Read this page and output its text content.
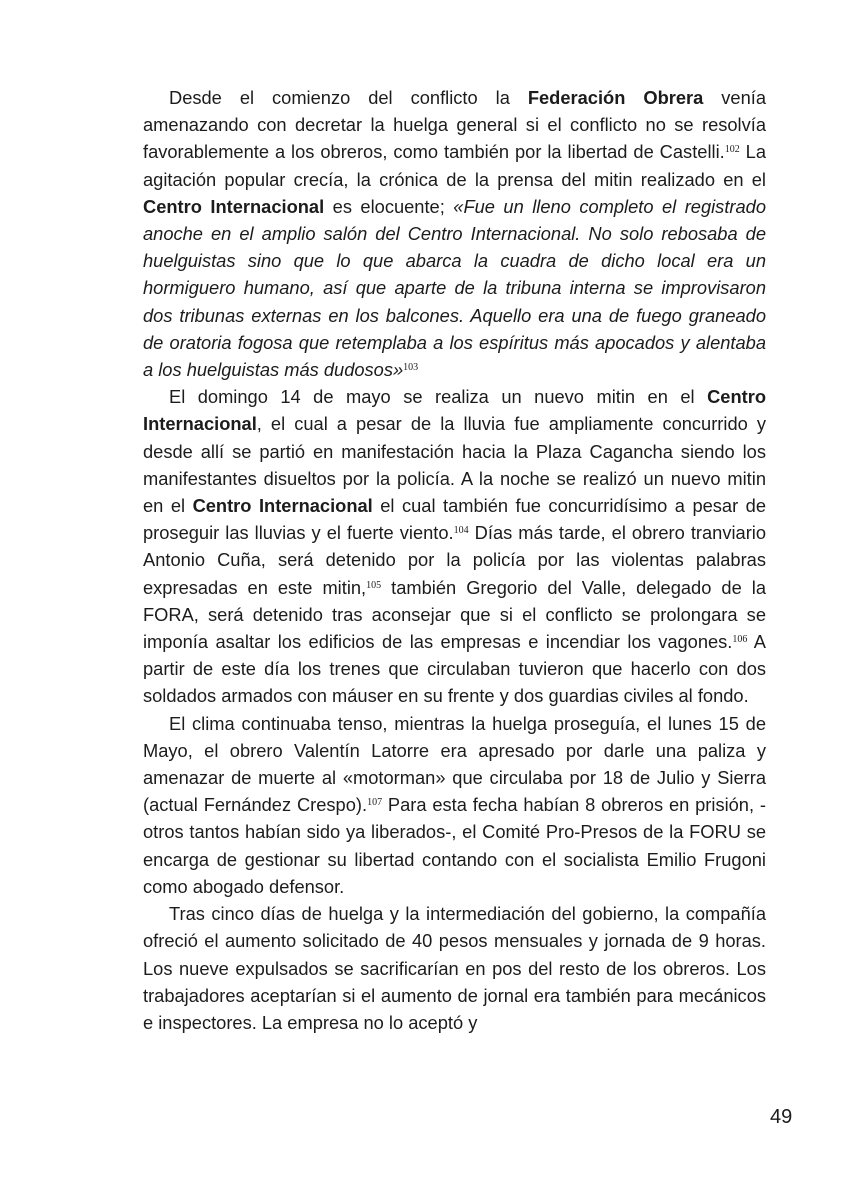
Desde el comienzo del conflicto la Federación Obrera venía amenazando con decretar la huelga general si el conflicto no se resolvía favorablemente a los obreros, como también por la libertad de Castelli.$^{102}$ La agitación popular crecía, la crónica de la prensa del mitin realizado en el Centro Internacional es elocuente; «Fue un lleno completo el registrado anoche en el amplio salón del Centro Internacional. No solo rebosaba de huelguistas sino que lo que abarca la cuadra de dicho local era un hormiguero humano, así que aparte de la tribuna interna se improvisaron dos tribunas externas en los balcones. Aquello era una de fuego graneado de oratoria fogosa que retemplaba a los espíritus más apocados y alentaba a los huelguistas más dudosos»$^{103}$

El domingo 14 de mayo se realiza un nuevo mitin en el Centro Internacional, el cual a pesar de la lluvia fue ampliamente concurrido y desde allí se partió en manifestación hacia la Plaza Cagancha siendo los manifestantes disueltos por la policía. A la noche se realizó un nuevo mitin en el Centro Internacional el cual también fue concurridísimo a pesar de proseguir las lluvias y el fuerte viento.$^{104}$ Días más tarde, el obrero tranviario Antonio Cuña, será detenido por la policía por las violentas palabras expresadas en este mitin,$^{105}$ también Gregorio del Valle, delegado de la FORA, será detenido tras aconsejar que si el conflicto se prolongara se imponía asaltar los edificios de las empresas e incendiar los vagones.$^{106}$ A partir de este día los trenes que circulaban tuvieron que hacerlo con dos soldados armados con máuser en su frente y dos guardias civiles al fondo.

El clima continuaba tenso, mientras la huelga proseguía, el lunes 15 de Mayo, el obrero Valentín Latorre era apresado por darle una paliza y amenazar de muerte al «motorman» que circulaba por 18 de Julio y Sierra (actual Fernández Crespo).$^{107}$ Para esta fecha habían 8 obreros en prisión, -otros tantos habían sido ya liberados-, el Comité Pro-Presos de la FORU se encarga de gestionar su libertad contando con el socialista Emilio Frugoni como abogado defensor.

Tras cinco días de huelga y la intermediación del gobierno, la compañía ofreció el aumento solicitado de 40 pesos mensuales y jornada de 9 horas. Los nueve expulsados se sacrificarían en pos del resto de los obreros. Los trabajadores aceptarían si el aumento de jornal era también para mecánicos e inspectores. La empresa no lo aceptó y

49
